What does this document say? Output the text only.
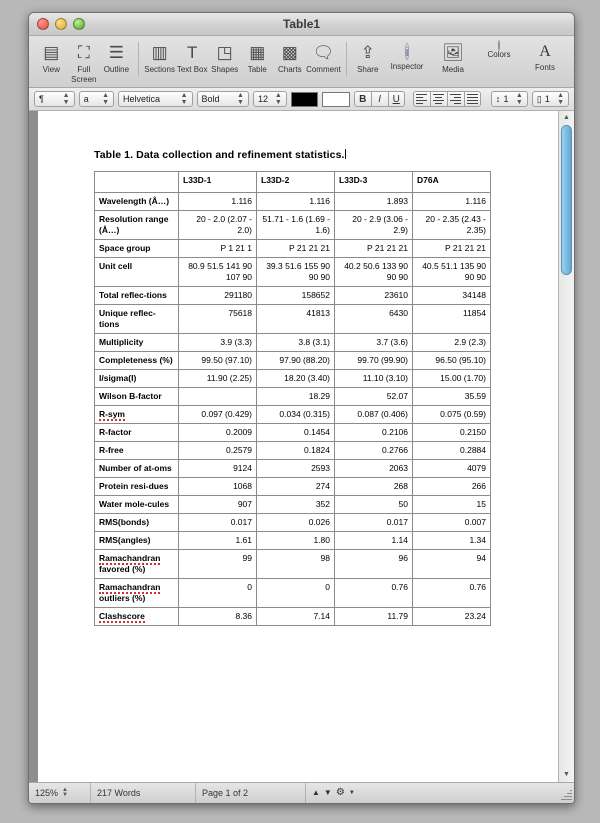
Table1
▤
View
⛶
Full Screen
☰
Outline
▥
Sections
T
Text Box
◳
Shapes
▦
Table
▩
Charts
🗨
Comment
⇪
Share
i
Inspector
🖼
Media
Colors	A
Fonts
¶	▲
▼ a ▲
▼ Helvetica	▲
▼ Bold ▲
▼ 12 ▲
▼	B	I	U	↕ 1 ▲
▼ ▯ 1 ▲
▼
Table 1. Data collection and refinement statistics.
	L33D-1	L33D-2	L33D-3	D76A
Wavelength (Å…)	1.116	1.116	1.893	1.116
Resolution range (Å…)	20 - 2.0 (2.07 - 2.0)	51.71 - 1.6 (1.69 - 1.6)	20 - 2.9 (3.06 - 2.9)	20 - 2.35 (2.43 - 2.35)
Space group	P 1 21 1	P 21 21 21	P 21 21 21	P 21 21 21
Unit cell	80.9 51.5 141 90 107 90	39.3 51.6 155 90 90 90	40.2 50.6 133 90 90 90	40.5 51.1 135 90 90 90
Total reflec-tions	291180	158652	23610	34148
Unique reflec-tions	75618	41813	6430	11854
Multiplicity	3.9 (3.3)	3.8 (3.1)	3.7 (3.6)	2.9 (2.3)
Completeness (%)	99.50 (97.10)	97.90 (88.20)	99.70 (99.90)	96.50 (95.10)
I/sigma(I)	11.90 (2.25)	18.20 (3.40)	11.10 (3.10)	15.00 (1.70)
Wilson B-factor		18.29	52.07	35.59
R-sym	0.097 (0.429)	0.034 (0.315)	0.087 (0.406)	0.075 (0.59)
R-factor	0.2009	0.1454	0.2106	0.2150
R-free	0.2579	0.1824	0.2766	0.2884
Number of at-oms	9124	2593	2063	4079
Protein resi-dues	1068	274	268	266
Water mole-cules	907	352	50	15
RMS(bonds)	0.017	0.026	0.017	0.007
RMS(angles)	1.61	1.80	1.14	1.34
Ramachandran favored (%)	99	98	96	94
Ramachandran outliers (%)	0	0	0.76	0.76
Clashscore	8.36	7.14	11.79	23.24
▲
▼
125% ▲
▼	217 Words	Page 1 of 2	▲ ▼ ⚙ ▼
